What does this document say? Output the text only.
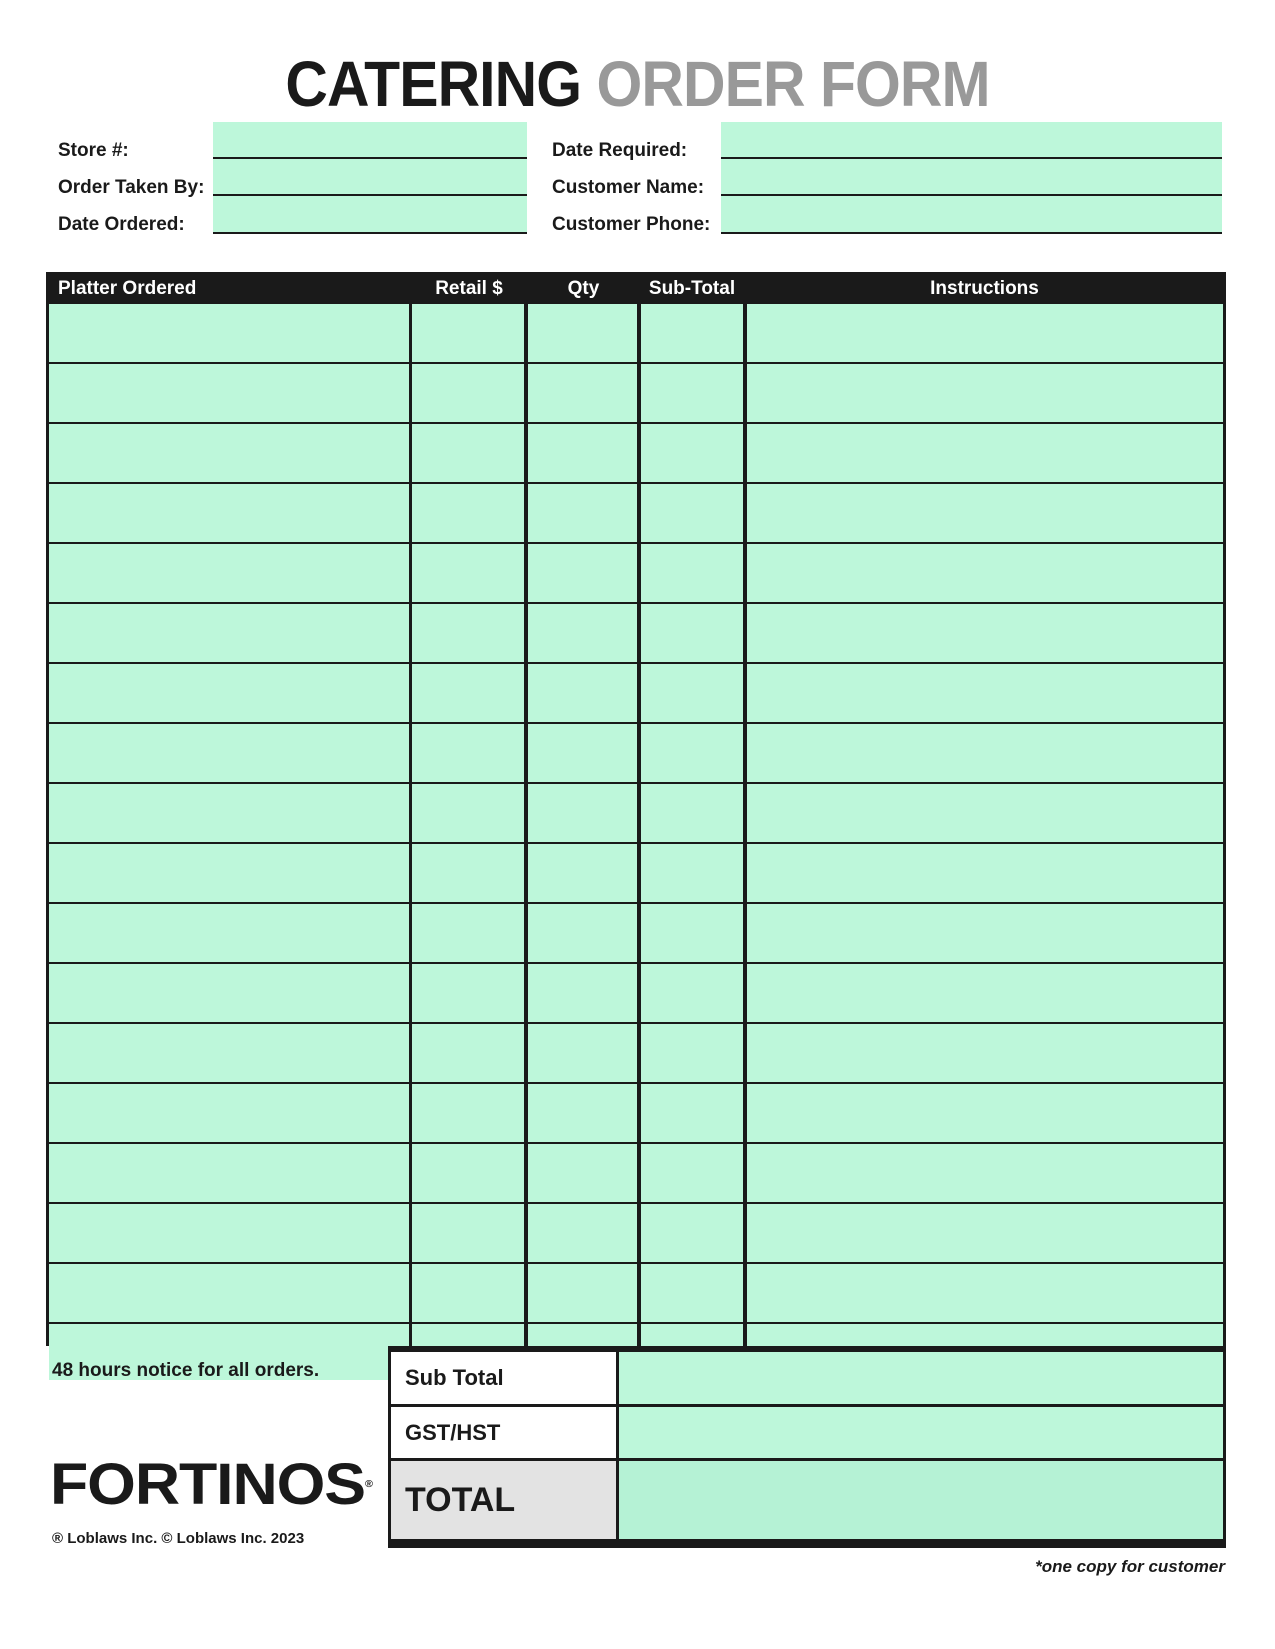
CATERING ORDER FORM
Store #:
Order Taken By:
Date Ordered:
Date Required:
Customer Name:
Customer Phone:
Platter Ordered	Retail $	Qty	Sub-Total	Instructions
48 hours notice for all orders.
FORTINOS®
® Loblaws Inc. © Loblaws Inc. 2023
Sub Total
GST/HST
TOTAL
*one copy for customer
